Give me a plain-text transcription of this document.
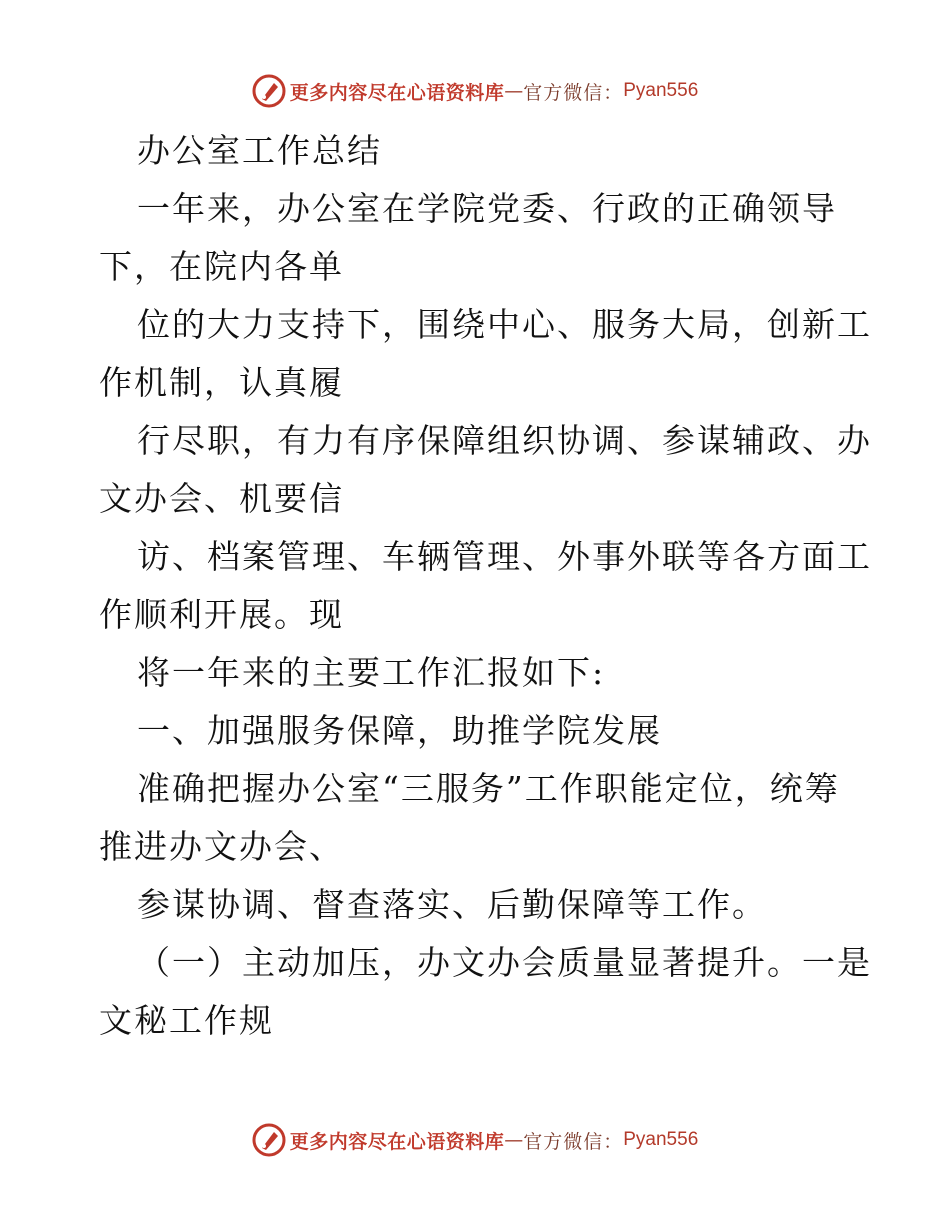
更多内容尽在心语资料库 — 官方微信： Pyan556
办公室工作总结
一年来，办公室在学院党委、行政的正确领导
下，在院内各单
位的大力支持下，围绕中心、服务大局，创新工
作机制，认真履
行尽职，有力有序保障组织协调、参谋辅政、办
文办会、机要信
访、档案管理、车辆管理、外事外联等各方面工
作顺利开展。现
将一年来的主要工作汇报如下:
一、加强服务保障，助推学院发展
准确把握办公室“三服务”工作职能定位，统筹
推进办文办会、
参谋协调、督查落实、后勤保障等工作。
（一）主动加压，办文办会质量显著提升。一是
文秘工作规
更多内容尽在心语资料库 — 官方微信： Pyan556
